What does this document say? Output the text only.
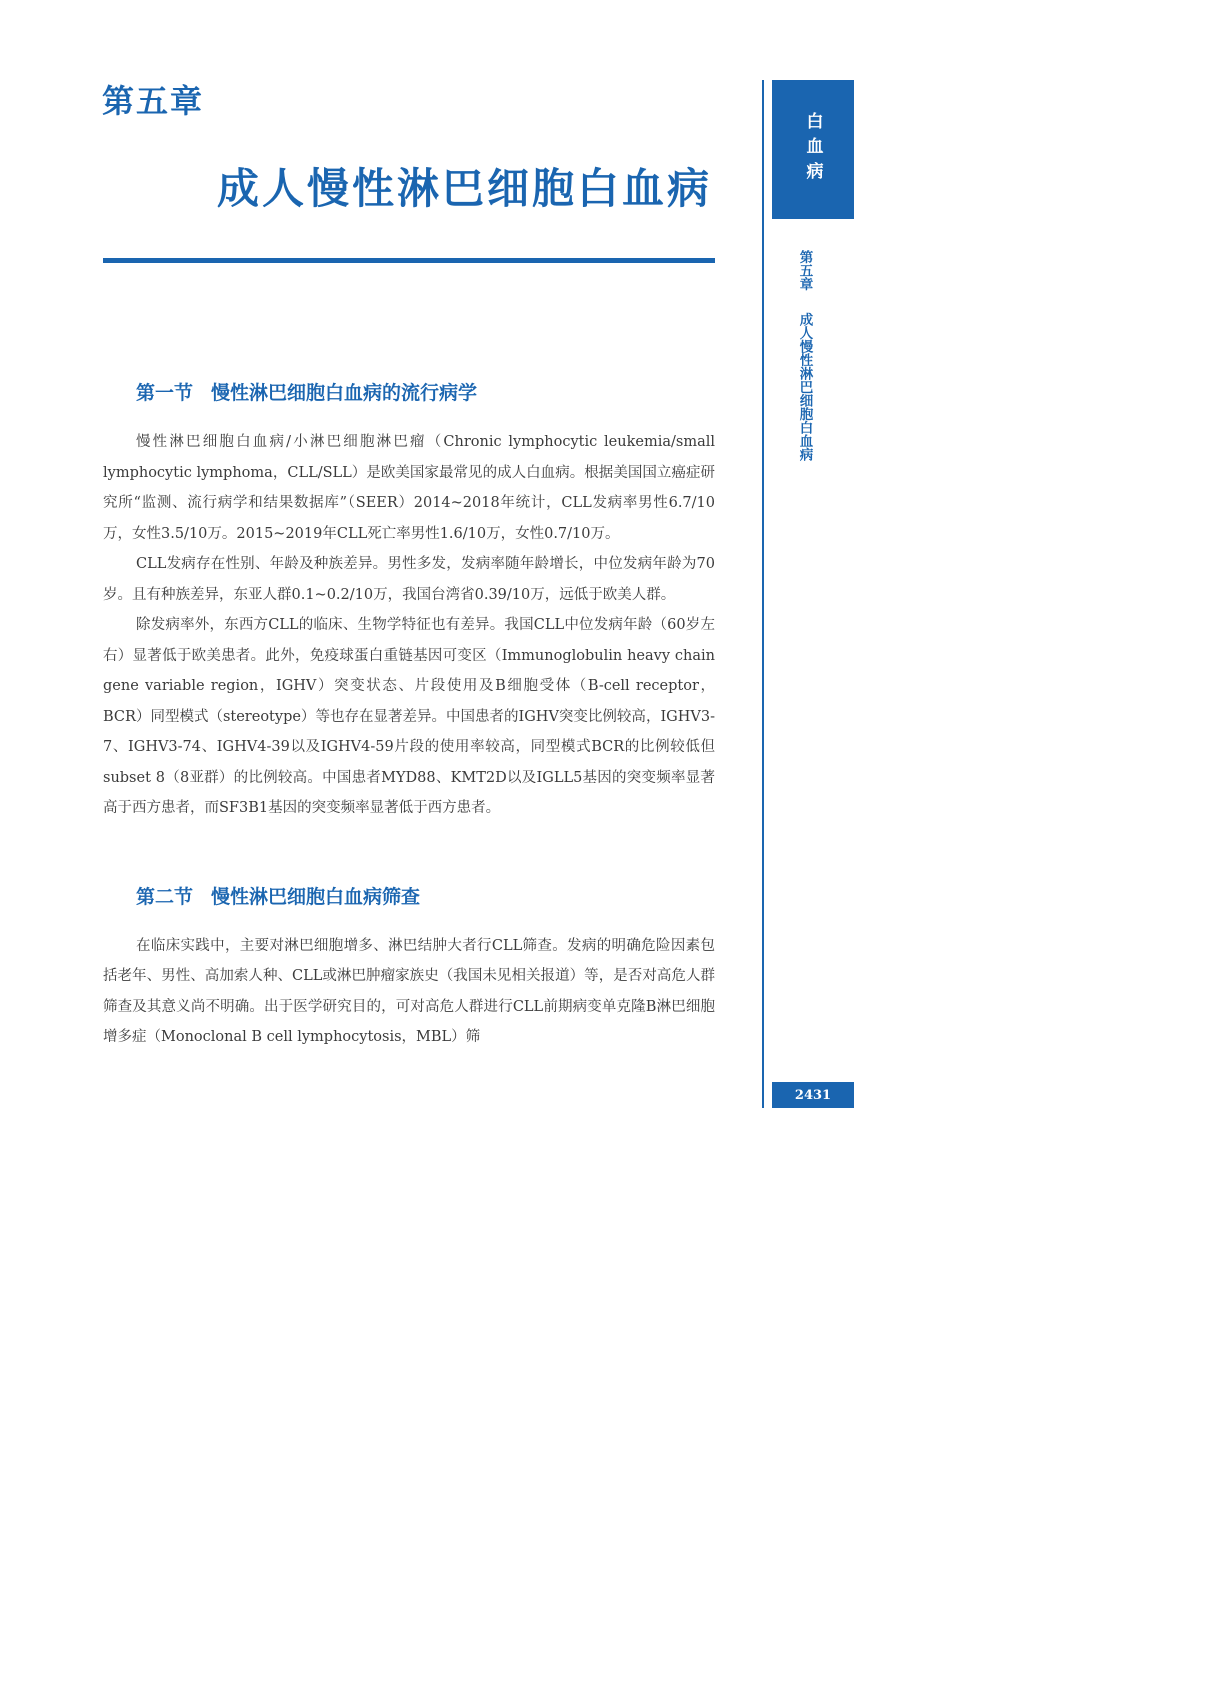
第五章
成人慢性淋巴细胞白血病
第一节 慢性淋巴细胞白血病的流行病学

慢性淋巴细胞白血病/小淋巴细胞淋巴瘤（Chronic lymphocytic leukemia/small lymphocytic lymphoma，CLL/SLL）是欧美国家最常见的成人白血病。根据美国国立癌症研究所“监测、流行病学和结果数据库”（SEER）2014~2018年统计，CLL发病率男性6.7/10万，女性3.5/10万。2015~2019年CLL死亡率男性1.6/10万，女性0.7/10万。

CLL发病存在性别、年龄及种族差异。男性多发，发病率随年龄增长，中位发病年龄为70岁。且有种族差异，东亚人群0.1~0.2/10万，我国台湾省0.39/10万，远低于欧美人群。

除发病率外，东西方CLL的临床、生物学特征也有差异。我国CLL中位发病年龄（60岁左右）显著低于欧美患者。此外，免疫球蛋白重链基因可变区（Immunoglobulin heavy chain gene variable region，IGHV）突变状态、片段使用及B细胞受体（B-cell receptor，BCR）同型模式（stereotype）等也存在显著差异。中国患者的IGHV突变比例较高，IGHV3-7、IGHV3-74、IGHV4-39以及IGHV4-59片段的使用率较高，同型模式BCR的比例较低但subset 8（8亚群）的比例较高。中国患者MYD88、KMT2D以及IGLL5基因的突变频率显著高于西方患者，而SF3B1基因的突变频率显著低于西方患者。

第二节 慢性淋巴细胞白血病筛查

在临床实践中，主要对淋巴细胞增多、淋巴结肿大者行CLL筛查。发病的明确危险因素包括老年、男性、高加索人种、CLL或淋巴肿瘤家族史（我国未见相关报道）等，是否对高危人群筛查及其意义尚不明确。出于医学研究目的，可对高危人群进行CLL前期病变单克隆B淋巴细胞增多症（Monoclonal B cell lymphocytosis，MBL）筛

白血病
第五章成人慢性淋巴细胞白血病
2431
